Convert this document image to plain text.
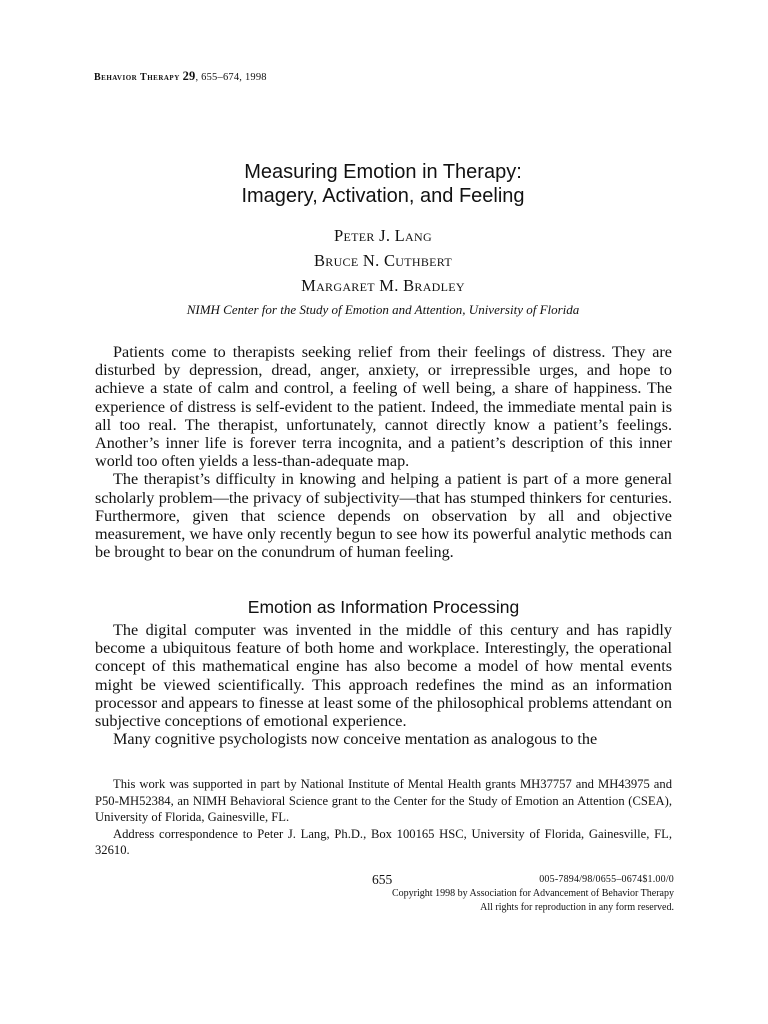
Behavior Therapy 29, 655–674, 1998
Measuring Emotion in Therapy:
Imagery, Activation, and Feeling
Peter J. Lang
Bruce N. Cuthbert
Margaret M. Bradley
NIMH Center for the Study of Emotion and Attention, University of Florida

Patients come to therapists seeking relief from their feelings of distress. They are disturbed by depression, dread, anger, anxiety, or irrepressible urges, and hope to achieve a state of calm and control, a feeling of well being, a share of happiness. The experience of distress is self-evident to the patient. Indeed, the immediate mental pain is all too real. The therapist, unfortunately, cannot directly know a patient’s feelings. Another’s inner life is forever terra incognita, and a patient’s description of this inner world too often yields a less-than-adequate map.

The therapist’s difficulty in knowing and helping a patient is part of a more general scholarly problem—the privacy of subjectivity—that has stumped thinkers for centuries. Furthermore, given that science depends on observation by all and objective measurement, we have only recently begun to see how its powerful analytic methods can be brought to bear on the conundrum of human feeling.

Emotion as Information Processing

The digital computer was invented in the middle of this century and has rapidly become a ubiquitous feature of both home and workplace. Interestingly, the operational concept of this mathematical engine has also become a model of how mental events might be viewed scientifically. This approach redefines the mind as an information processor and appears to finesse at least some of the philosophical problems attendant on subjective conceptions of emotional experience.

Many cognitive psychologists now conceive mentation as analogous to the

This work was supported in part by National Institute of Mental Health grants MH37757 and MH43975 and P50-MH52384, an NIMH Behavioral Science grant to the Center for the Study of Emotion an Attention (CSEA), University of Florida, Gainesville, FL.

Address correspondence to Peter J. Lang, Ph.D., Box 100165 HSC, University of Florida, Gainesville, FL, 32610.

655	005-7894/98/0655–0674$1.00/0
Copyright 1998 by Association for Advancement of Behavior Therapy
All rights for reproduction in any form reserved.
